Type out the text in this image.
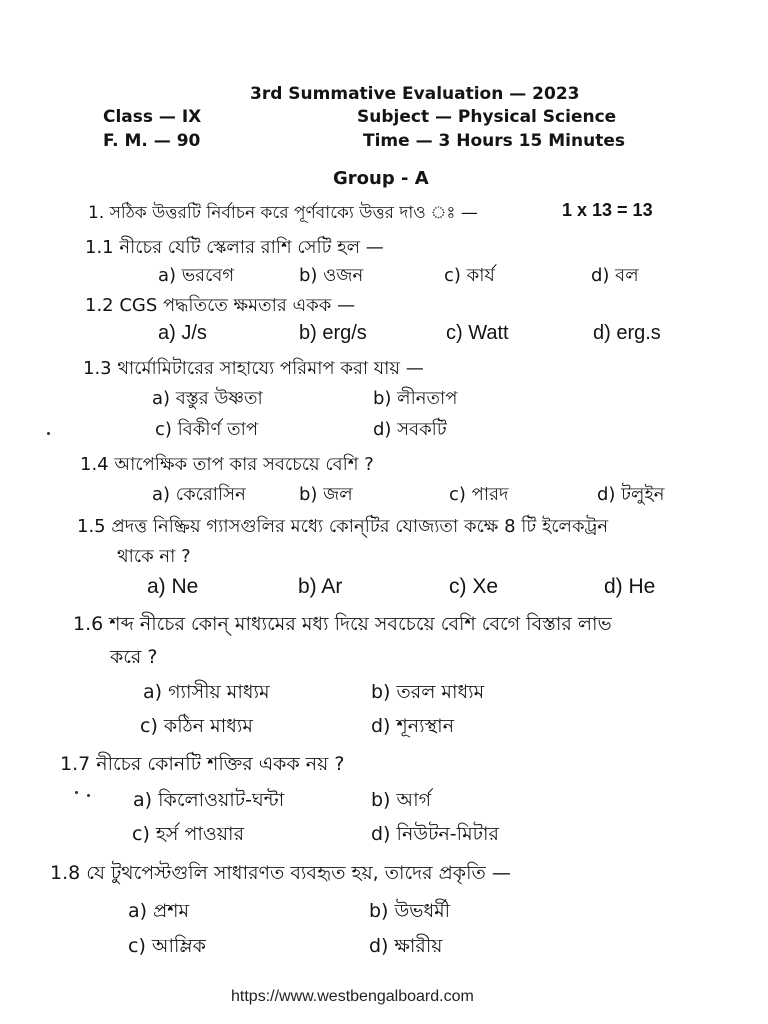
3rd Summative Evaluation — 2023
Class — IX	Subject — Physical Science
F. M. — 90	Time — 3 Hours 15 Minutes
Group - A
1. সঠিক উত্তরটি নির্বাচন করে পূর্ণবাক্যে উত্তর দাও ঃ —	1 x 13 = 13
1.1 নীচের যেটি স্কেলার রাশি সেটি হল —
a) ভরবেগ	b) ওজন	c) কার্য	d) বল
1.2 CGS পদ্ধতিতে ক্ষমতার একক —
a) J/s	b) erg/s	c) Watt	d) erg.s
1.3 থার্মোমিটারের সাহায্যে পরিমাপ করা যায় —
a) বস্তুর উষ্ণতা	b) লীনতাপ
c) বিকীর্ণ তাপ	d) সবকটি
1.4 আপেক্ষিক তাপ কার সবচেয়ে বেশি ?
a) কেরোসিন	b) জল	c) পারদ	d) টলুইন
1.5 প্রদত্ত নিষ্ক্রিয় গ্যাসগুলির মধ্যে কোন্‌টির যোজ্যতা কক্ষে 8 টি ইলেকট্রন
থাকে না ?
a) Ne	b) Ar	c) Xe	d) He
1.6 শব্দ নীচের কোন্‌ মাধ্যমের মধ্য দিয়ে সবচেয়ে বেশি বেগে বিস্তার লাভ
করে ?
a) গ্যাসীয় মাধ্যম	b) তরল মাধ্যম
c) কঠিন মাধ্যম	d) শূন্যস্থান
1.7 নীচের কোনটি শক্তির একক নয় ?
a) কিলোওয়াট-ঘন্টা	b) আর্গ
c) হর্স পাওয়ার	d) নিউটন-মিটার
1.8 যে টুথপেস্টগুলি সাধারণত ব্যবহৃত হয়, তাদের প্রকৃতি —
a) প্রশম	b) উভধর্মী
c) আম্লিক	d) ক্ষারীয়
https://www.westbengalboard.com
